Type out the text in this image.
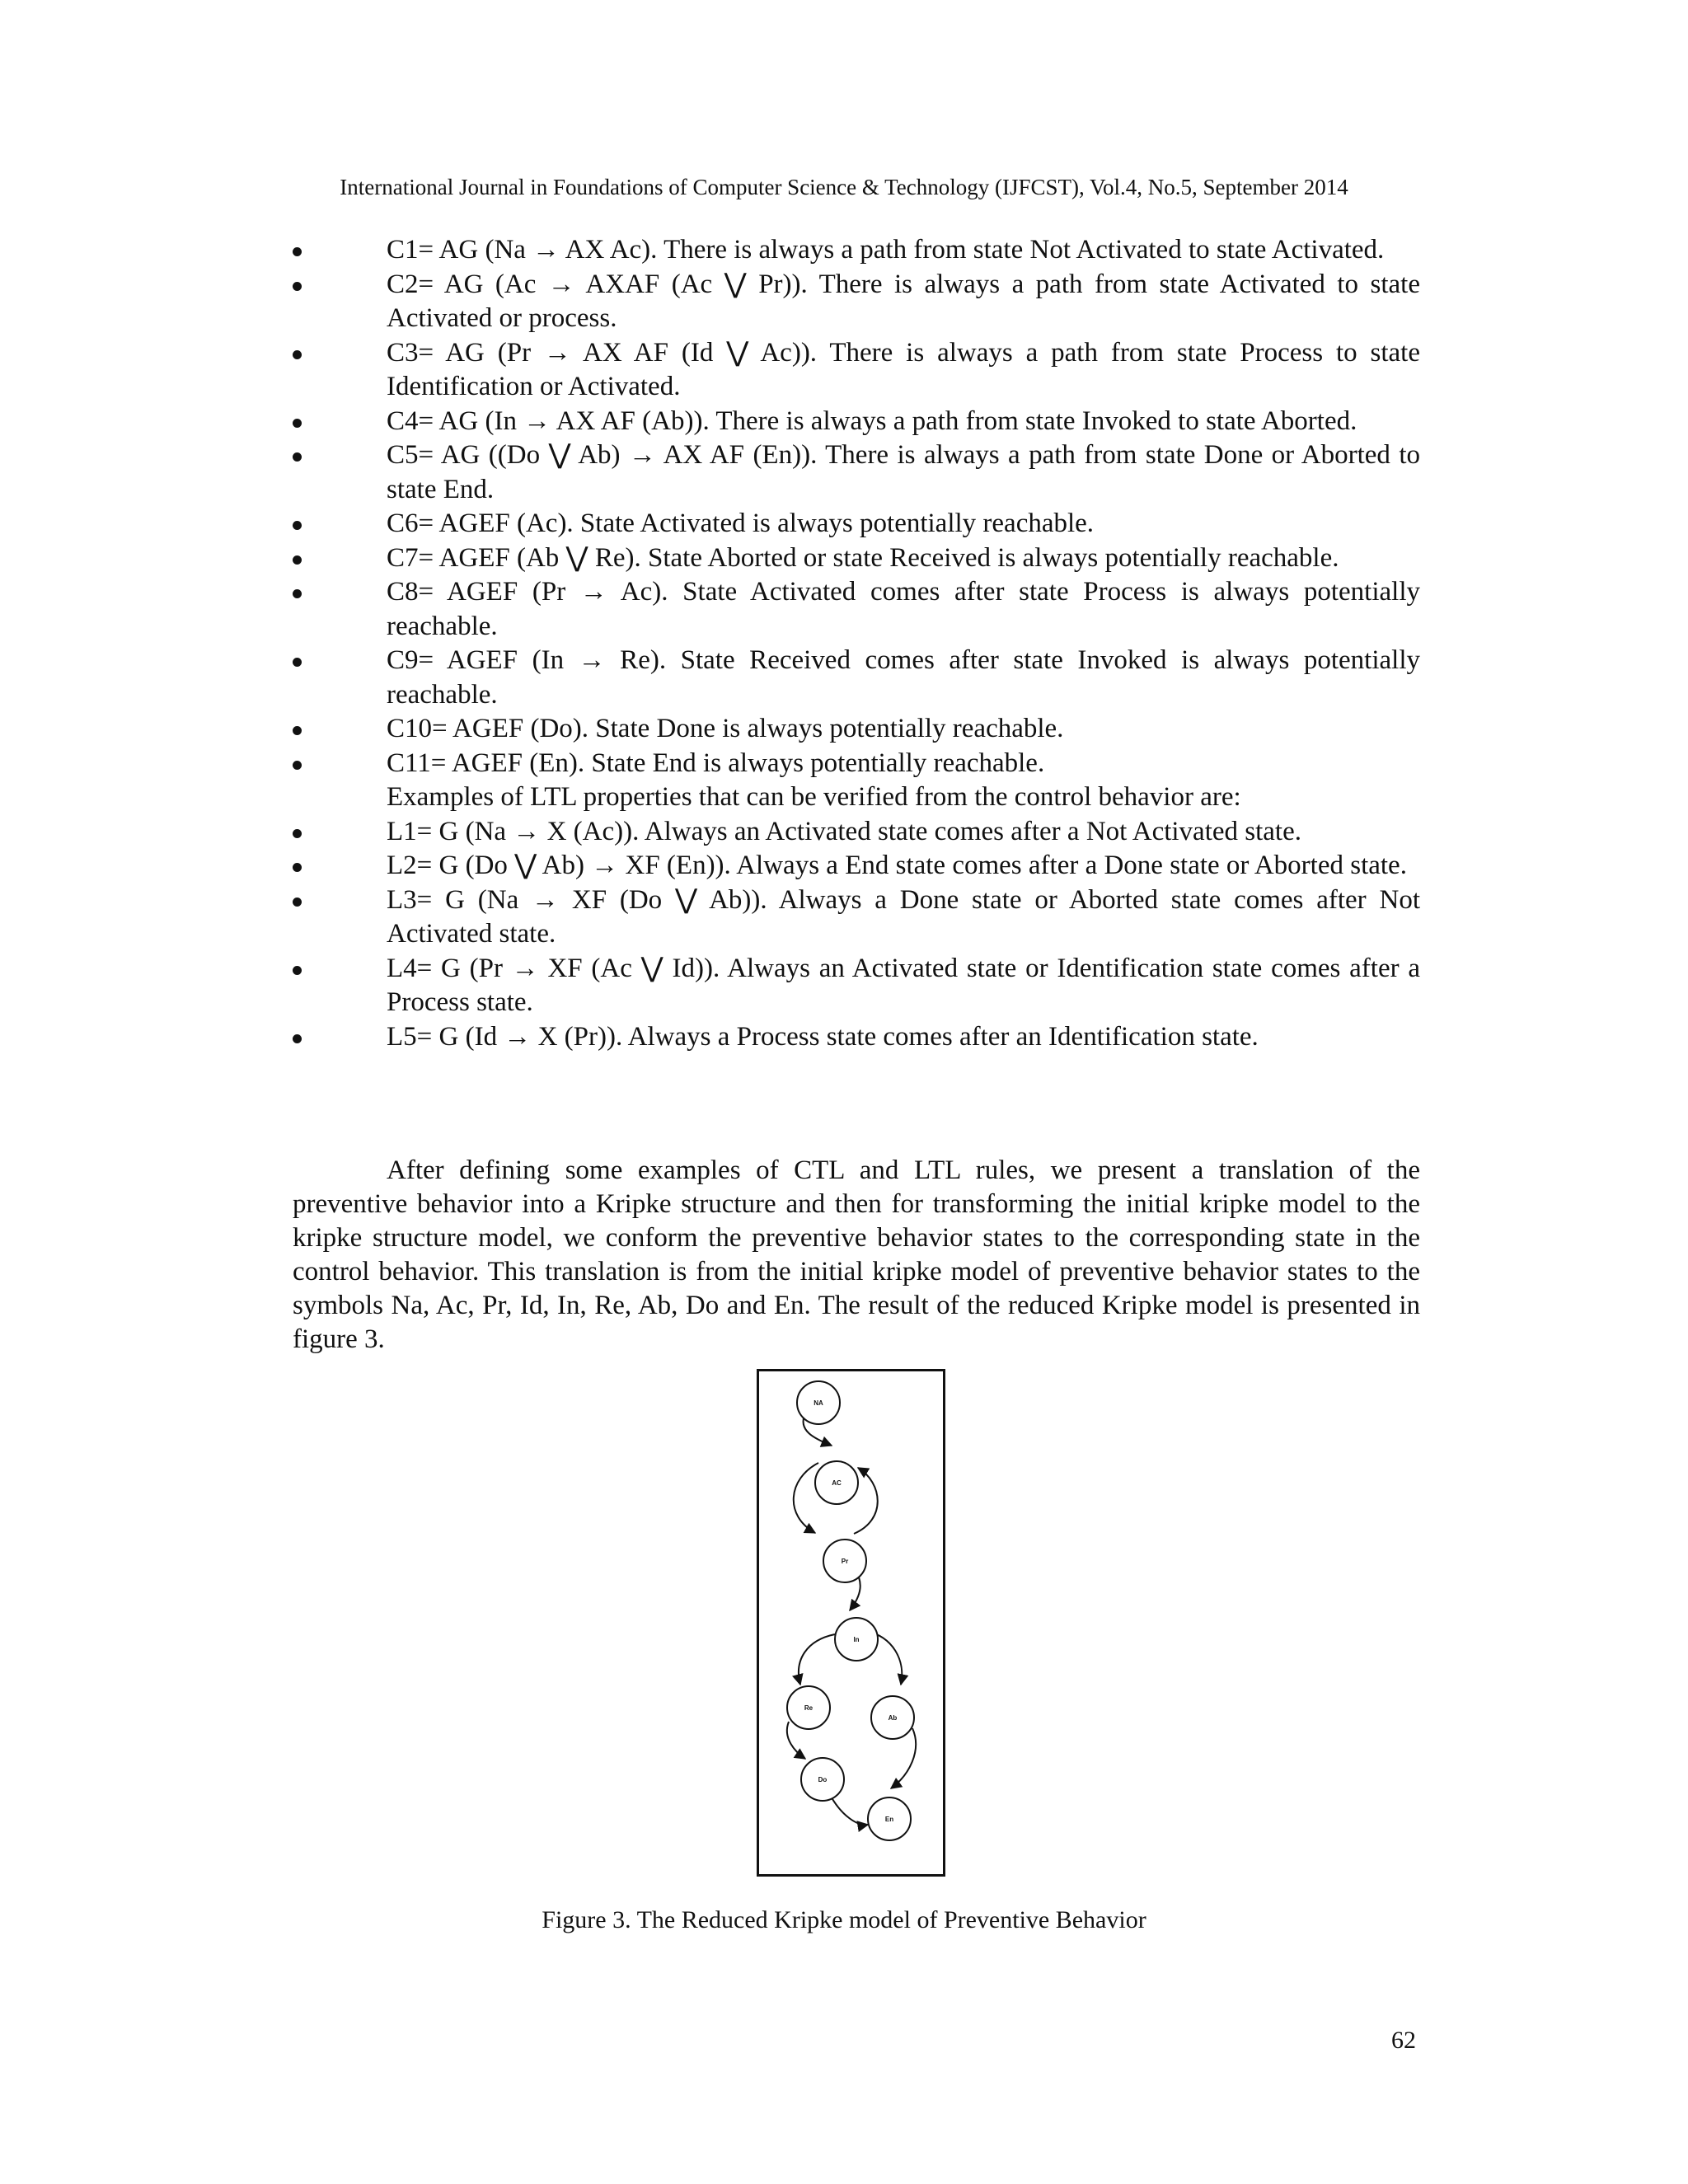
International Journal in Foundations of Computer Science & Technology (IJFCST), Vol.4, No.5, September 2014
C1= AG (Na → AX Ac). There is always a path from state Not Activated to state Activated.
C2= AG (Ac → AXAF (Ac ⋁ Pr)). There is always a path from state Activated to state Activated or process.
C3= AG (Pr → AX AF (Id ⋁ Ac)). There is always a path from state Process to state Identification or Activated.
C4= AG (In → AX AF (Ab)). There is always a path from state Invoked to state Aborted.
C5= AG ((Do ⋁ Ab) → AX AF (En)). There is always a path from state Done or Aborted to state End.
C6= AGEF (Ac). State Activated is always potentially reachable.
C7= AGEF (Ab ⋁ Re). State Aborted or state Received is always potentially reachable.
C8= AGEF (Pr → Ac). State Activated comes after state Process is always potentially reachable.
C9= AGEF (In → Re). State Received comes after state Invoked is always potentially reachable.
C10= AGEF (Do). State Done is always potentially reachable.
C11= AGEF (En). State End is always potentially reachable.
Examples of LTL properties that can be verified from the control behavior are:
L1= G (Na → X (Ac)). Always an Activated state comes after a Not Activated state.
L2= G (Do ⋁ Ab) → XF (En)). Always a End state comes after a Done state or Aborted state.
L3= G (Na → XF (Do ⋁ Ab)). Always a Done state or Aborted state comes after Not Activated state.
L4= G (Pr → XF (Ac ⋁ Id)). Always an Activated state or Identification state comes after a Process state.
L5= G (Id → X (Pr)). Always a Process state comes after an Identification state.

After defining some examples of CTL and LTL rules, we present a translation of the preventive behavior into a Kripke structure and then for transforming the initial kripke model to the kripke structure model, we conform the preventive behavior states to the corresponding state in the control behavior. This translation is from the initial kripke model of preventive behavior states to the symbols Na, Ac, Pr, Id, In, Re, Ab, Do and En. The result of the reduced Kripke model is presented in figure 3.

NA
AC
Pr
In
Re
Ab
Do
En
Figure 3. The Reduced Kripke model of Preventive Behavior
62
